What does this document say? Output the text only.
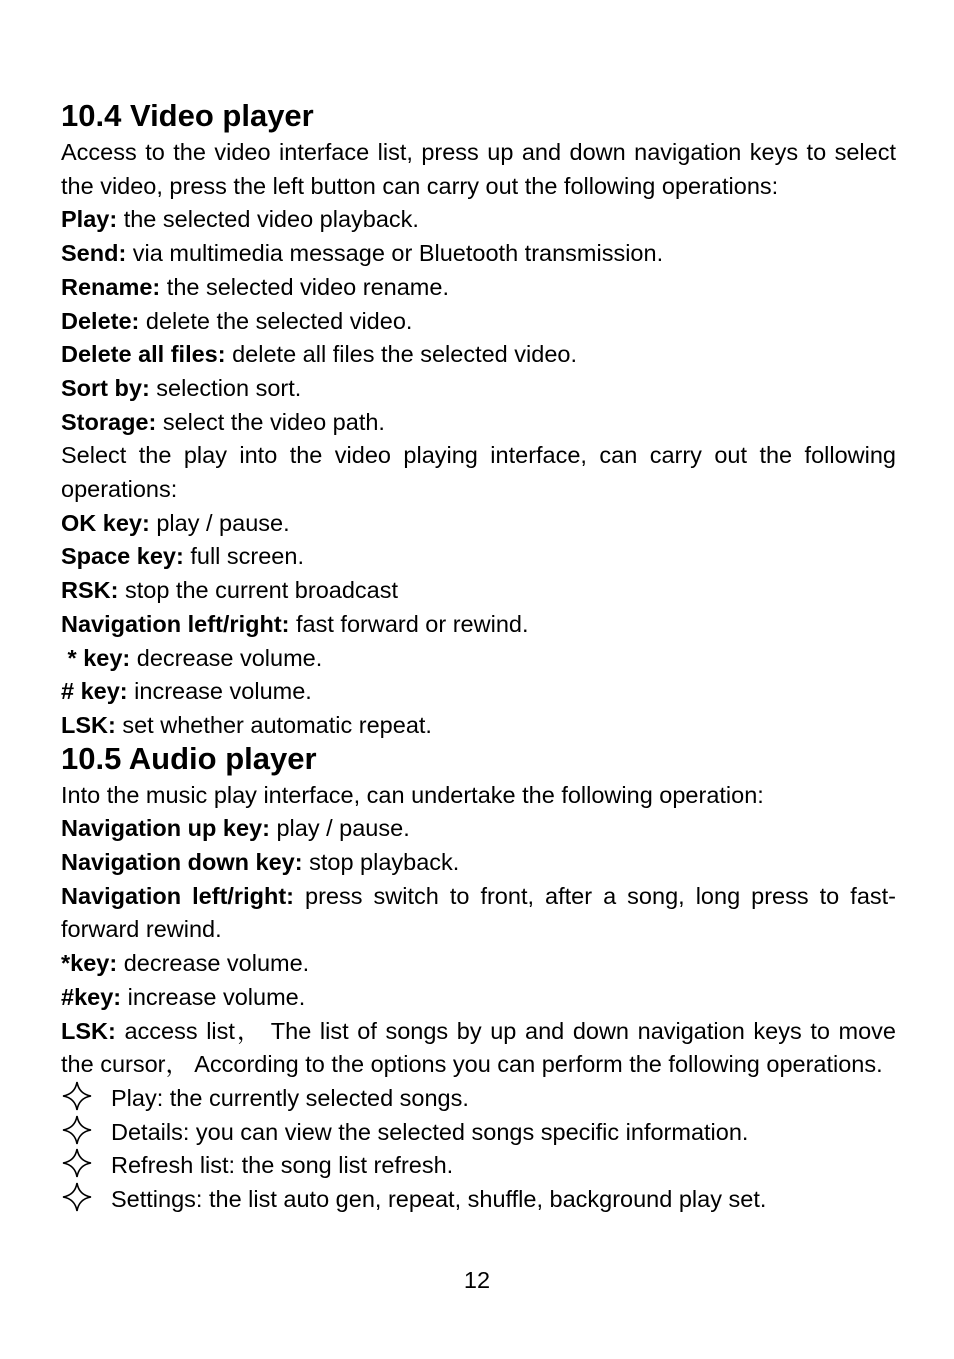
10.4 Video player

Access to the video interface list, press up and down navigation keys to select the video, press the left button can carry out the following operations:

Play: the selected video playback.

Send: via multimedia message or Bluetooth transmission.

Rename: the selected video rename.

Delete: delete the selected video.

Delete all files: delete all files the selected video.

Sort by: selection sort.

Storage: select the video path.

Select the play into the video playing interface, can carry out the following operations:

OK key: play / pause.

Space key: full screen.

RSK: stop the current broadcast

Navigation left/right: fast forward or rewind.

* key: decrease volume.

# key: increase volume.

LSK: set whether automatic repeat.

10.5 Audio player

Into the music play interface, can undertake the following operation:

Navigation up key: play / pause.

Navigation down key: stop playback.

Navigation left/right: press switch to front, after a song, long press to fast-forward rewind.

*key: decrease volume.

#key: increase volume.

LSK: access list， The list of songs by up and down navigation keys to move the cursor， According to the options you can perform the following operations.

Play: the currently selected songs.

Details: you can view the selected songs specific information.

Refresh list: the song list refresh.

Settings: the list auto gen, repeat, shuffle, background play set.

12
